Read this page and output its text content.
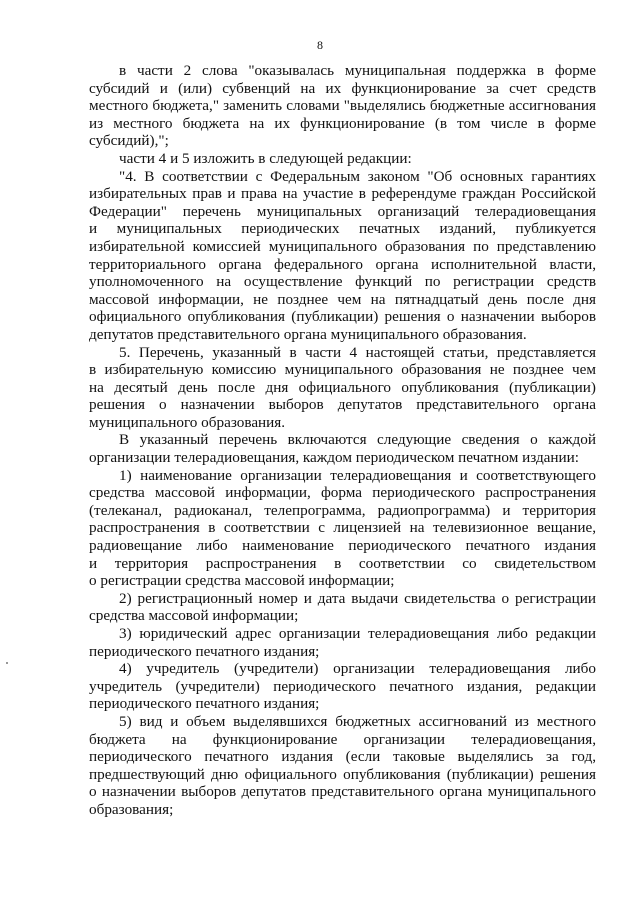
8
в части 2 слова "оказывалась муниципальная поддержка в форме
субсидий и (или) субвенций на их функционирование за счет средств
местного бюджета," заменить словами "выделялись бюджетные ассигнования
из местного бюджета на их функционирование (в том числе в форме
субсидий),";
части 4 и 5 изложить в следующей редакции:
"4. В соответствии с Федеральным законом "Об основных гарантиях
избирательных прав и права на участие в референдуме граждан Российской
Федерации" перечень муниципальных организаций телерадиовещания
и муниципальных периодических печатных изданий, публикуется
избирательной комиссией муниципального образования по представлению
территориального органа федерального органа исполнительной власти,
уполномоченного на осуществление функций по регистрации средств
массовой информации, не позднее чем на пятнадцатый день после дня
официального опубликования (публикации) решения о назначении выборов
депутатов представительного органа муниципального образования.
5. Перечень, указанный в части 4 настоящей статьи, представляется
в избирательную комиссию муниципального образования не позднее чем
на десятый день после дня официального опубликования (публикации)
решения о назначении выборов депутатов представительного органа
муниципального образования.
В указанный перечень включаются следующие сведения о каждой
организации телерадиовещания, каждом периодическом печатном издании:
1) наименование организации телерадиовещания и соответствующего
средства массовой информации, форма периодического распространения
(телеканал, радиоканал, телепрограмма, радиопрограмма) и территория
распространения в соответствии с лицензией на телевизионное вещание,
радиовещание либо наименование периодического печатного издания
и территория распространения в соответствии со свидетельством
о регистрации средства массовой информации;
2) регистрационный номер и дата выдачи свидетельства о регистрации
средства массовой информации;
3) юридический адрес организации телерадиовещания либо редакции
периодического печатного издания;
4) учредитель (учредители) организации телерадиовещания либо
учредитель (учредители) периодического печатного издания, редакции
периодического печатного издания;
5) вид и объем выделявшихся бюджетных ассигнований из местного
бюджета на функционирование организации телерадиовещания,
периодического печатного издания (если таковые выделялись за год,
предшествующий дню официального опубликования (публикации) решения
о назначении выборов депутатов представительного органа муниципального
образования;
